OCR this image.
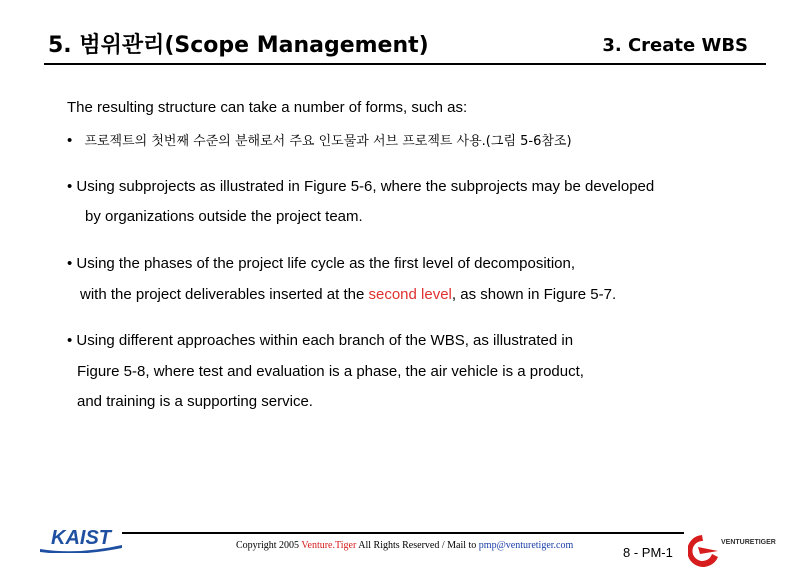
5. 범위관리(Scope Management)	3. Create WBS
The resulting structure can take a number of forms, such as:
• 프로젝트의 첫번째 수준의 분해로서 주요 인도물과 서브 프로젝트 사용.(그림 5-6참조)
• Using subprojects as illustrated in Figure 5-6, where the subprojects may be developed
by organizations outside the project team.
• Using the phases of the project life cycle as the first level of decomposition,
with the project deliverables inserted at the second level, as shown in Figure 5-7.
• Using different approaches within each branch of the WBS, as illustrated in
Figure 5-8, where test and evaluation is a phase, the air vehicle is a product,
and training is a supporting service.
KAIST	Copyright 2005 Venture.Tiger All Rights Reserved / Mail to pmp@venturetiger.com	8 - PM-1
VENTURETIGER
